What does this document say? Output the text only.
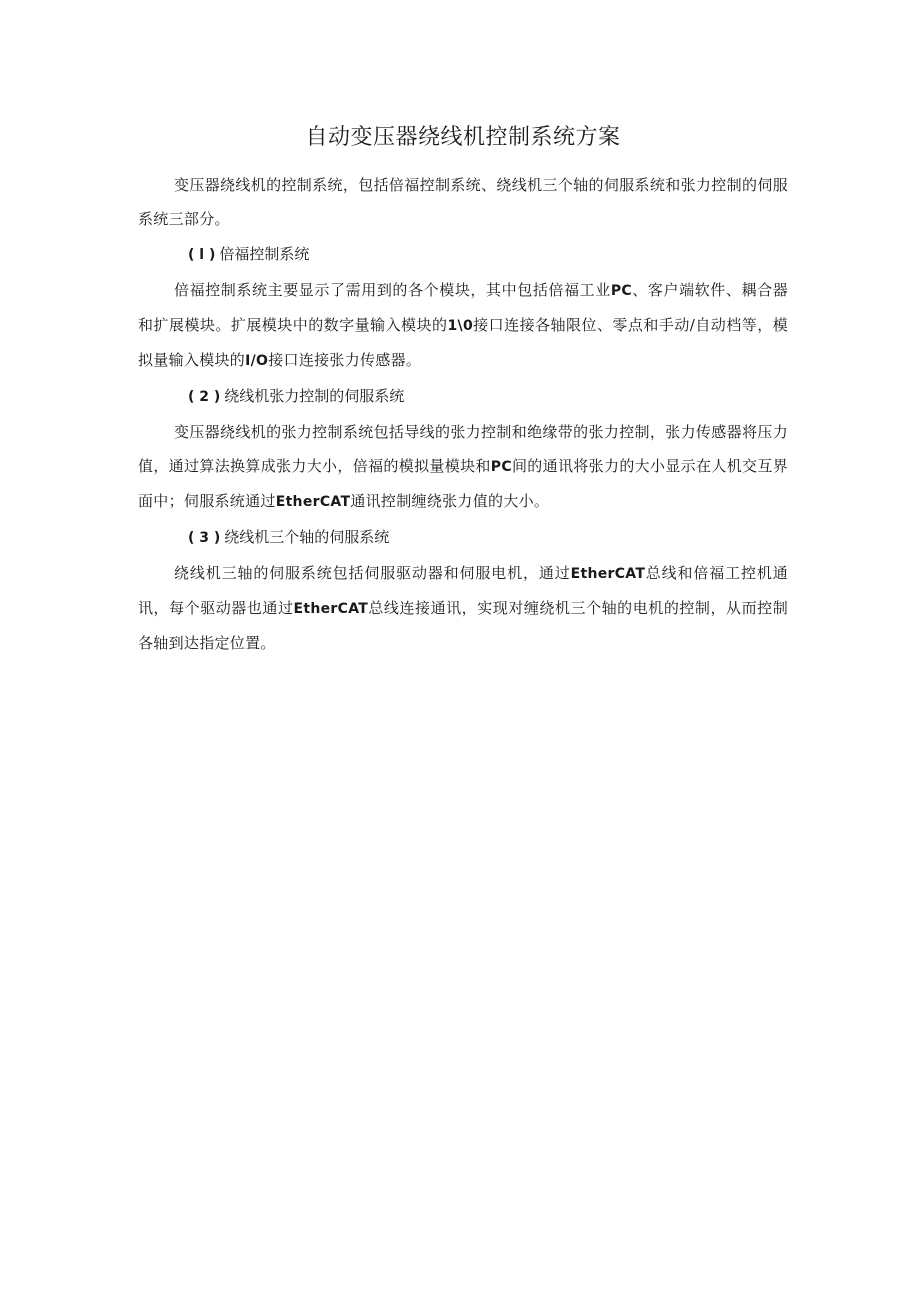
自动变压器绕线机控制系统方案

变压器绕线机的控制系统，包括倍福控制系统、绕线机三个轴的伺服系统和张力控制的伺服系统三部分。

( l ) 倍福控制系统

倍福控制系统主要显示了需用到的各个模块，其中包括倍福工业PC、客户端软件、耦合器和扩展模块。扩展模块中的数字量输入模块的1\0接口连接各轴限位、零点和手动/自动档等，模拟量输入模块的I/O接口连接张力传感器。

( 2 ) 绕线机张力控制的伺服系统

变压器绕线机的张力控制系统包括导线的张力控制和绝缘带的张力控制，张力传感器将压力值，通过算法换算成张力大小，倍福的模拟量模块和PC间的通讯将张力的大小显示在人机交互界面中；伺服系统通过EtherCAT通讯控制缠绕张力值的大小。

( 3 ) 绕线机三个轴的伺服系统

绕线机三轴的伺服系统包括伺服驱动器和伺服电机，通过EtherCAT总线和倍福工控机通讯，每个驱动器也通过EtherCAT总线连接通讯，实现对缠绕机三个轴的电机的控制，从而控制各轴到达指定位置。
